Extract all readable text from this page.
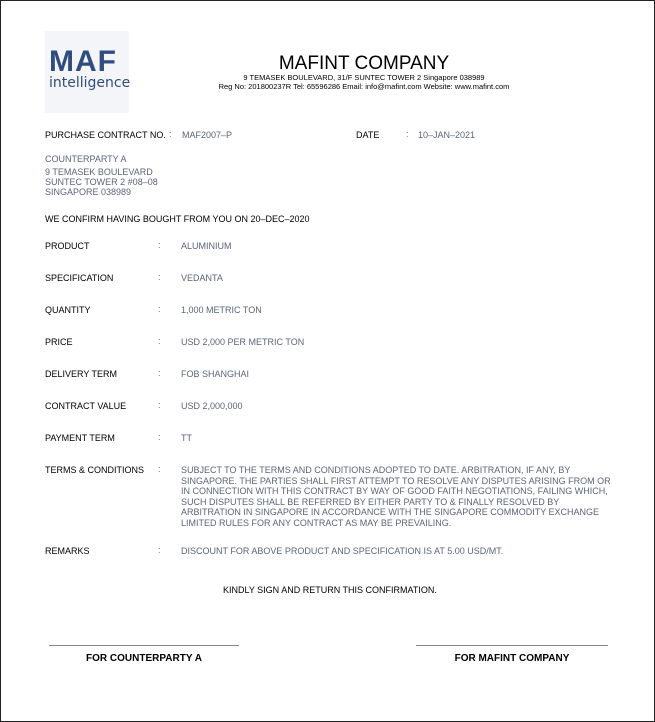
MAF
intelligence
MAFINT COMPANY
9 TEMASEK BOULEVARD, 31/F SUNTEC TOWER 2 Singapore 038989
Reg No: 201800237R Tel: 65596286 Email: info@mafint.com Website: www.mafint.com
PURCHASE CONTRACT NO. : MAF2007–P	DATE	: 10–JAN–2021
COUNTERPARTY A
9 TEMASEK BOULEVARD
SUNTEC TOWER 2 #08–08
SINGAPORE 038989
WE CONFIRM HAVING BOUGHT FROM YOU ON 20–DEC–2020
PRODUCT	: ALUMINIUM
SPECIFICATION	: VEDANTA
QUANTITY	: 1,000 METRIC TON
PRICE	: USD 2,000 PER METRIC TON
DELIVERY TERM	: FOB SHANGHAI
CONTRACT VALUE	: USD 2,000,000
PAYMENT TERM	: TT
TERMS & CONDITIONS : SUBJECT TO THE TERMS AND CONDITIONS ADOPTED TO DATE. ARBITRATION, IF ANY, BY
SINGAPORE. THE PARTIES SHALL FIRST ATTEMPT TO RESOLVE ANY DISPUTES ARISING FROM OR
IN CONNECTION WITH THIS CONTRACT BY WAY OF GOOD FAITH NEGOTIATIONS, FAILING WHICH,
SUCH DISPUTES SHALL BE REFERRED BY EITHER PARTY TO & FINALLY RESOLVED BY
ARBITRATION IN SINGAPORE IN ACCORDANCE WITH THE SINGAPORE COMMODITY EXCHANGE
LIMITED RULES FOR ANY CONTRACT AS MAY BE PREVAILING.
REMARKS	: DISCOUNT FOR ABOVE PRODUCT AND SPECIFICATION IS AT 5.00 USD/MT.
KINDLY SIGN AND RETURN THIS CONFIRMATION.
FOR COUNTERPARTY A	FOR MAFINT COMPANY
